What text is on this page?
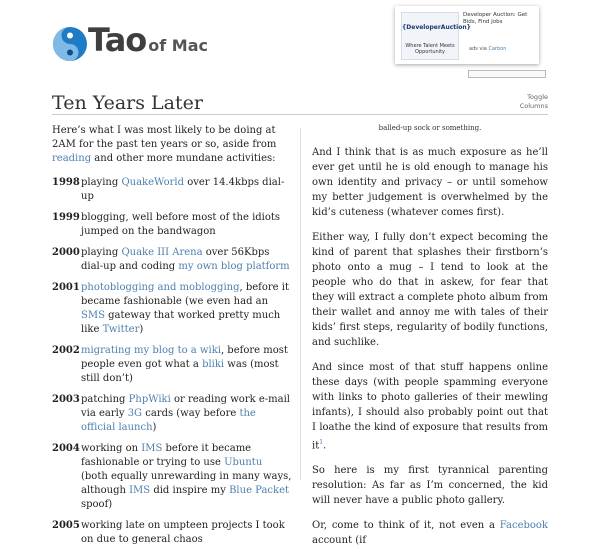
Tao of Mac
{DeveloperAuction}
Where Talent Meets Opportunity
Developer Auction: Get Bids, Find Jobs
ads via Carbon
Ten Years Later	Toggle Columns

Here’s what I was most likely to be doing at 2AM for the past ten years or so, aside from reading and other more mundane activities:

1998 playing QuakeWorld over 14.4kbps dial-up
1999 blogging, well before most of the idiots jumped on the bandwagon
2000 playing Quake III Arena over 56Kbps dial-up and coding my own blog platform
2001 photoblogging and moblogging, before it became fashionable (we even had an SMS gateway that worked pretty much like Twitter)
2002 migrating my blog to a wiki, before most people even got what a bliki was (most still don’t)
2003 patching PhpWiki or reading work e-mail via early 3G cards (way before the official launch)
2004 working on IMS before it became fashionable or trying to use Ubuntu (both equally unrewarding in many ways, although IMS did inspire my Blue Packet spoof)
2005 working late on umpteen projects I took on due to general chaos

balled-up sock or something.

And I think that is as much exposure as he’ll ever get until he is old enough to manage his own identity and privacy – or until somehow my better judgement is overwhelmed by the kid’s cuteness (whatever comes first).

Either way, I fully don’t expect becoming the kind of parent that splashes their firstborn’s photo onto a mug – I tend to look at the people who do that in askew, for fear that they will extract a complete photo album from their wallet and annoy me with tales of their kids’ first steps, regularity of bodily functions, and suchlike.

And since most of that stuff happens online these days (with people spamming everyone with links to photo galleries of their mewling infants), I should also probably point out that I loathe the kind of exposure that results from $it^1$.

So here is my first tyrannical parenting resolution: As far as I’m concerned, the kid will never have a public photo gallery.

Or, come to think of it, not even a Facebook account (if
